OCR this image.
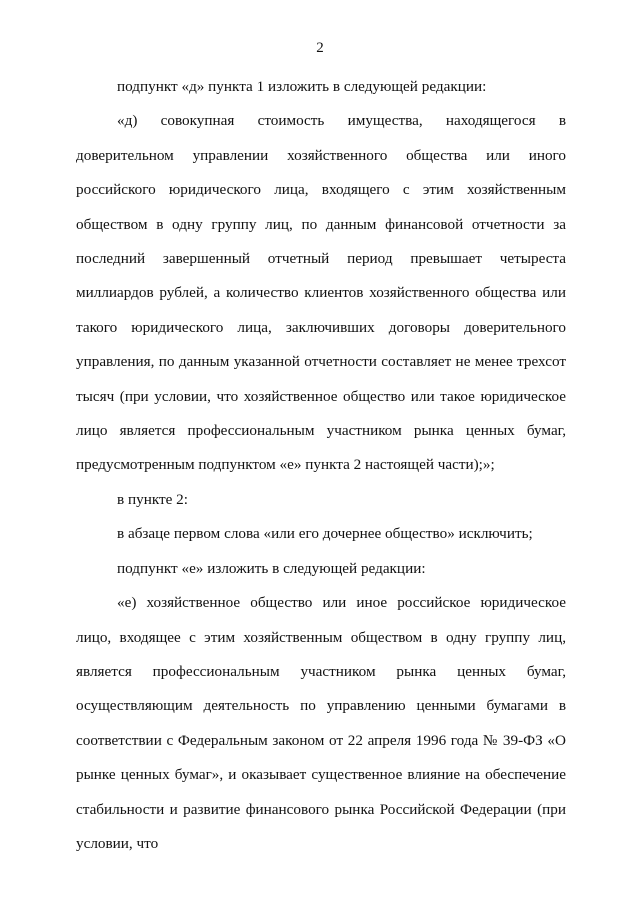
2

подпункт «д» пункта 1 изложить в следующей редакции:

«д) совокупная стоимость имущества, находящегося в доверительном управлении хозяйственного общества или иного российского юридического лица, входящего с этим хозяйственным обществом в одну группу лиц, по данным финансовой отчетности за последний завершенный отчетный период превышает четыреста миллиардов рублей, а количество клиентов хозяйственного общества или такого юридического лица, заключивших договоры доверительного управления, по данным указанной отчетности составляет не менее трехсот тысяч (при условии, что хозяйственное общество или такое юридическое лицо является профессиональным участником рынка ценных бумаг, предусмотренным подпунктом «е» пункта 2 настоящей части);»;

в пункте 2:

в абзаце первом слова «или его дочернее общество» исключить;

подпункт «е» изложить в следующей редакции:

«е) хозяйственное общество или иное российское юридическое лицо, входящее с этим хозяйственным обществом в одну группу лиц, является профессиональным участником рынка ценных бумаг, осуществляющим деятельность по управлению ценными бумагами в соответствии с Федеральным законом от 22 апреля 1996 года № 39-ФЗ «О рынке ценных бумаг», и оказывает существенное влияние на обеспечение стабильности и развитие финансового рынка Российской Федерации (при условии, что
